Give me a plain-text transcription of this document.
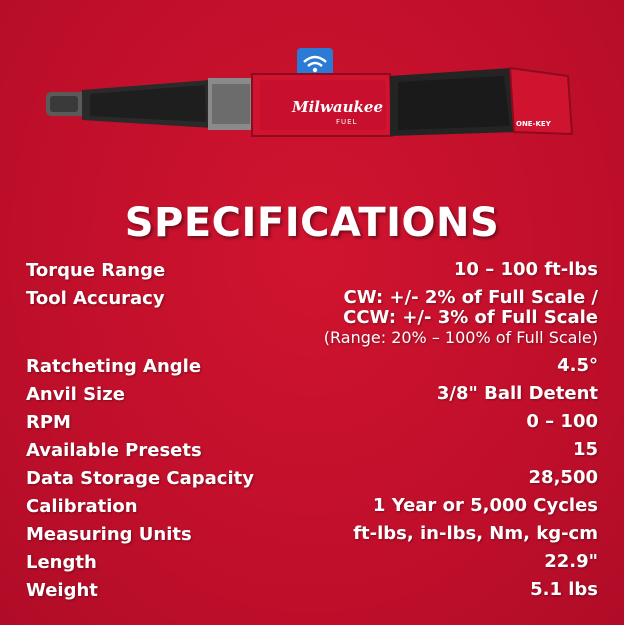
Milwaukee
FUEL	ONE-KEY
SPECIFICATIONS
Torque Range	10 – 100 ft-lbs
Tool Accuracy	CW: +/- 2% of Full Scale /
CCW: +/- 3% of Full Scale
(Range: 20% – 100% of Full Scale)
Ratcheting Angle	4.5°
Anvil Size	3/8" Ball Detent
RPM	0 – 100
Available Presets	15
Data Storage Capacity	28,500
Calibration	1 Year or 5,000 Cycles
Measuring Units	ft-lbs, in-lbs, Nm, kg-cm
Length	22.9"
Weight	5.1 lbs
